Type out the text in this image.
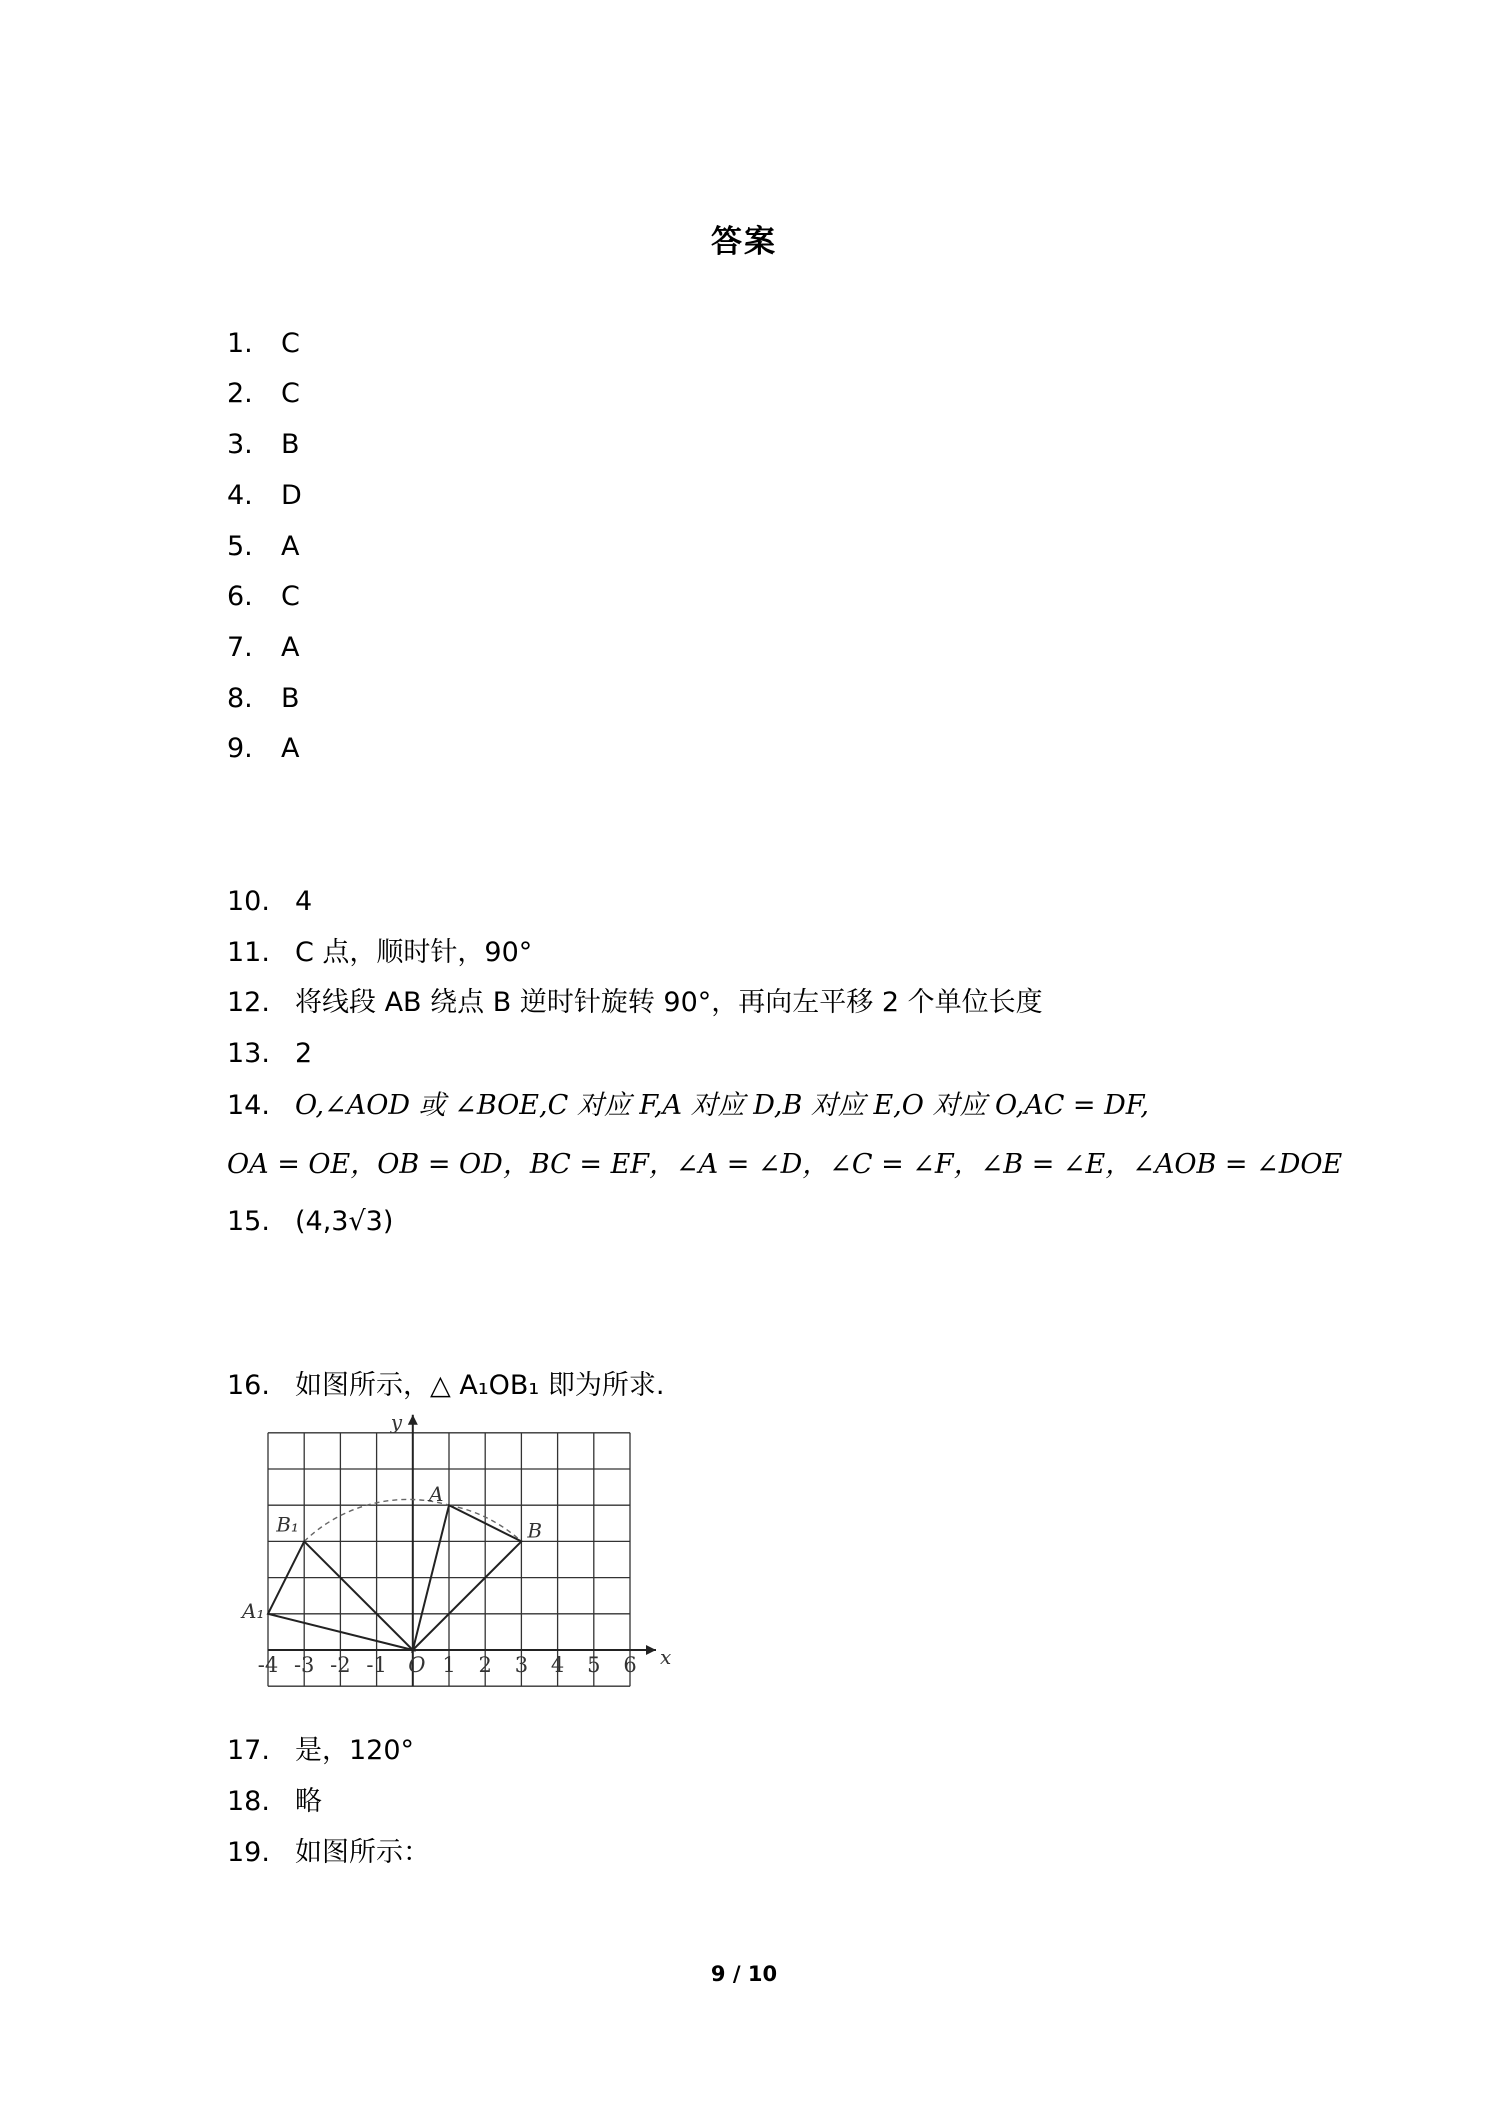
答案
1. C
2. C
3. B
4. D
5. A
6. C
7. A
8. B
9. A
10. 4
11. C 点，顺时针，90°
12. 将线段 AB 绕点 B 逆时针旋转 90°，再向左平移 2 个单位长度
13. 2
14. O,∠AOD 或 ∠BOE,C 对应 F,A 对应 D,B 对应 E,O 对应 O,AC = DF,
OA = OE，OB = OD，BC = EF，∠A = ∠D，∠C = ∠F，∠B = ∠E，∠AOB = ∠DOE
15. (4,3√3)
16. 如图所示，△ A₁OB₁ 即为所求.
-4 -3 -2 -1 O 1 2 3 4 5 6 x
y
A
B
B₁
A₁
17. 是，120°
18. 略
19. 如图所示：
9 / 10
